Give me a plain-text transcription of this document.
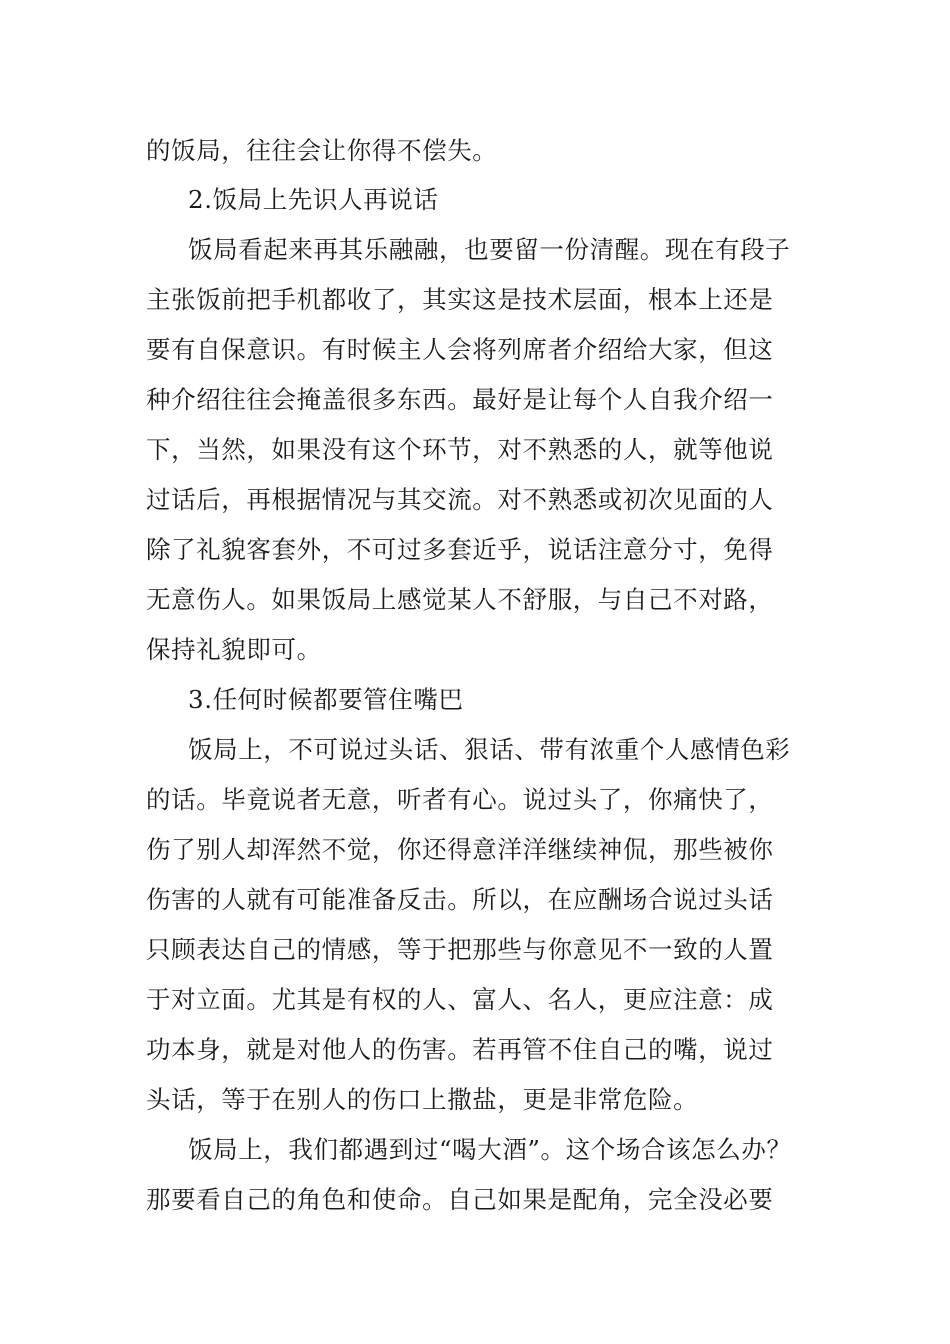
的饭局，往往会让你得不偿失。
2.饭局上先识人再说话
饭局看起来再其乐融融，也要留一份清醒。现在有段子
主张饭前把手机都收了，其实这是技术层面，根本上还是
要有自保意识。有时候主人会将列席者介绍给大家，但这
种介绍往往会掩盖很多东西。最好是让每个人自我介绍一
下，当然，如果没有这个环节，对不熟悉的人，就等他说
过话后，再根据情况与其交流。对不熟悉或初次见面的人
除了礼貌客套外，不可过多套近乎，说话注意分寸，免得
无意伤人。如果饭局上感觉某人不舒服，与自己不对路，
保持礼貌即可。
3.任何时候都要管住嘴巴
饭局上，不可说过头话、狠话、带有浓重个人感情色彩
的话。毕竟说者无意，听者有心。说过头了，你痛快了，
伤了别人却浑然不觉，你还得意洋洋继续神侃，那些被你
伤害的人就有可能准备反击。所以，在应酬场合说过头话
只顾表达自己的情感，等于把那些与你意见不一致的人置
于对立面。尤其是有权的人、富人、名人，更应注意：成
功本身，就是对他人的伤害。若再管不住自己的嘴，说过
头话，等于在别人的伤口上撒盐，更是非常危险。
饭局上，我们都遇到过“喝大酒”。这个场合该怎么办？
那要看自己的角色和使命。自己如果是配角，完全没必要
